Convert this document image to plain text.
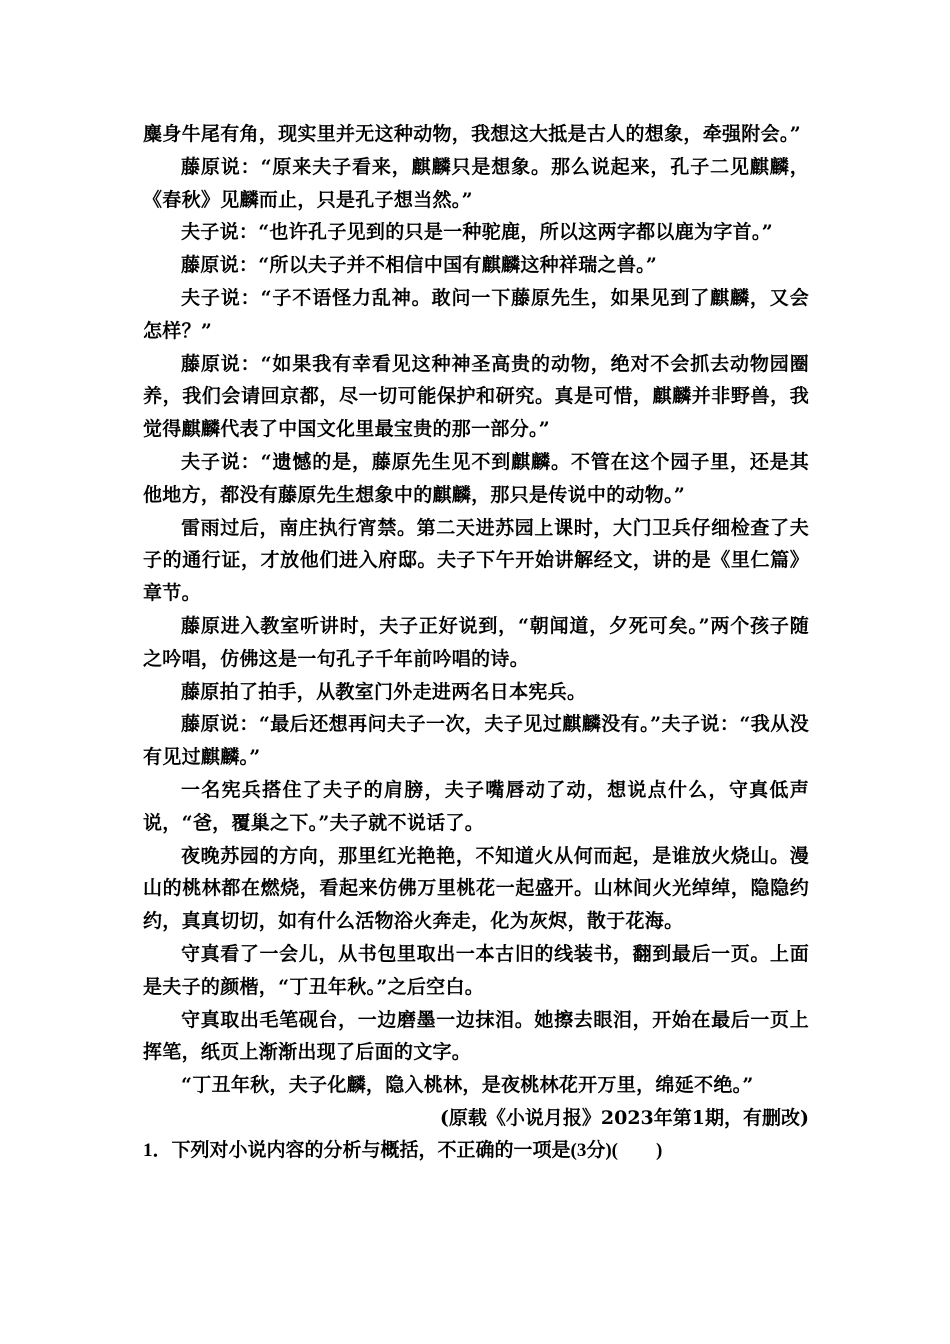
麋身牛尾有角，现实里并无这种动物，我想这大抵是古人的想象，牵强附会。”

藤原说：“原来夫子看来，麒麟只是想象。那么说起来，孔子二见麒麟，《春秋》见麟而止，只是孔子想当然。”

夫子说：“也许孔子见到的只是一种驼鹿，所以这两字都以鹿为字首。”

藤原说：“所以夫子并不相信中国有麒麟这种祥瑞之兽。”

夫子说：“子不语怪力乱神。敢问一下藤原先生，如果见到了麒麟，又会怎样？”

藤原说：“如果我有幸看见这种神圣高贵的动物，绝对不会抓去动物园圈养，我们会请回京都，尽一切可能保护和研究。真是可惜，麒麟并非野兽，我觉得麒麟代表了中国文化里最宝贵的那一部分。”

夫子说：“遗憾的是，藤原先生见不到麒麟。不管在这个园子里，还是其他地方，都没有藤原先生想象中的麒麟，那只是传说中的动物。”

雷雨过后，南庄执行宵禁。第二天进苏园上课时，大门卫兵仔细检查了夫子的通行证，才放他们进入府邸。夫子下午开始讲解经文，讲的是《里仁篇》章节。

藤原进入教室听讲时，夫子正好说到，“朝闻道，夕死可矣。”两个孩子随之吟唱，仿佛这是一句孔子千年前吟唱的诗。

藤原拍了拍手，从教室门外走进两名日本宪兵。

藤原说：“最后还想再问夫子一次，夫子见过麒麟没有。”夫子说：“我从没有见过麒麟。”

一名宪兵搭住了夫子的肩膀，夫子嘴唇动了动，想说点什么，守真低声说，“爸，覆巢之下。”夫子就不说话了。

夜晚苏园的方向，那里红光艳艳，不知道火从何而起，是谁放火烧山。漫山的桃林都在燃烧，看起来仿佛万里桃花一起盛开。山林间火光绰绰，隐隐约约，真真切切，如有什么活物浴火奔走，化为灰烬，散于花海。

守真看了一会儿，从书包里取出一本古旧的线装书，翻到最后一页。上面是夫子的颜楷，“丁丑年秋。”之后空白。

守真取出毛笔砚台，一边磨墨一边抹泪。她擦去眼泪，开始在最后一页上挥笔，纸页上渐渐出现了后面的文字。

“丁丑年秋，夫子化麟，隐入桃林，是夜桃林花开万里，绵延不绝。”

(原载《小说月报》2023年第1期，有删改)

1．下列对小说内容的分析与概括，不正确的一项是(3分)(　　)
